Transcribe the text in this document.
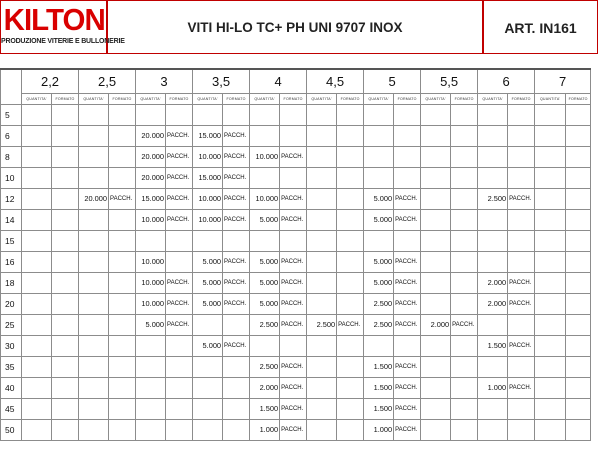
KILTON
PRODUZIONE VITERIE E BULLONERIE
VITI HI-LO TC+ PH UNI 9707 INOX	ART. IN161
	2,2		2,5		3		3,5		4		4,5		5		5,5		6		7	
	QUANTITA'	FORMATO	QUANTITA'	FORMATO	QUANTITA'	FORMATO	QUANTITA'	FORMATO	QUANTITA'	FORMATO	QUANTITA'	FORMATO	QUANTITA'	FORMATO	QUANTITA'	FORMATO	QUANTITA'	FORMATO	QUANTITA'	FORMATO
5																				
6					20.000	PACCH.	15.000	PACCH.												
8					20.000	PACCH.	10.000	PACCH.	10.000	PACCH.										
10					20.000	PACCH.	15.000	PACCH.												
12			20.000	PACCH.	15.000	PACCH.	10.000	PACCH.	10.000	PACCH.			5.000	PACCH.			2.500	PACCH.		
14					10.000	PACCH.	10.000	PACCH.	5.000	PACCH.			5.000	PACCH.						
15																				
16					10.000		5.000	PACCH.	5.000	PACCH.			5.000	PACCH.						
18					10.000	PACCH.	5.000	PACCH.	5.000	PACCH.			5.000	PACCH.			2.000	PACCH.		
20					10.000	PACCH.	5.000	PACCH.	5.000	PACCH.			2.500	PACCH.			2.000	PACCH.		
25					5.000	PACCH.			2.500	PACCH.	2.500	PACCH.	2.500	PACCH.	2.000	PACCH.				
30							5.000	PACCH.									1.500	PACCH.		
35									2.500	PACCH.			1.500	PACCH.						
40									2.000	PACCH.			1.500	PACCH.			1.000	PACCH.		
45									1.500	PACCH.			1.500	PACCH.						
50									1.000	PACCH.			1.000	PACCH.						
